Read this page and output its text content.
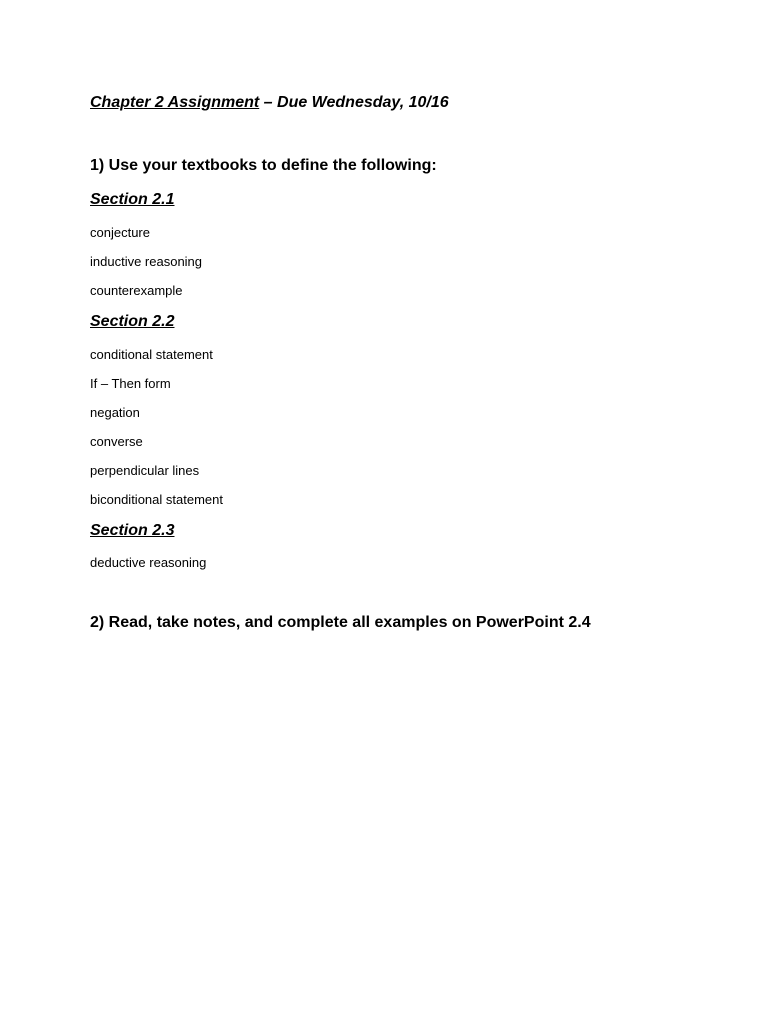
Chapter 2 Assignment – Due Wednesday, 10/16
1) Use your textbooks to define the following:
Section 2.1
conjecture
inductive reasoning
counterexample
Section 2.2
conditional statement
If – Then form
negation
converse
perpendicular lines
biconditional statement
Section 2.3
deductive reasoning
2) Read, take notes, and complete all examples on PowerPoint 2.4
